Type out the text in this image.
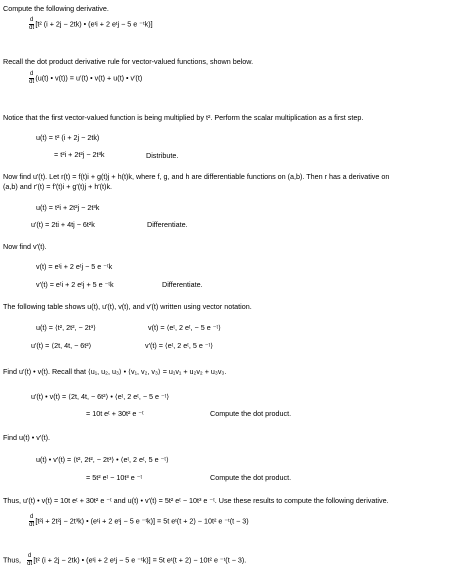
Compute the following derivative.
$\frac{d}{dt} [t^2$ (i + 2j − 2tk) • (eᵗi + 2 eᵗj − 5 e ⁻ᵗk)]
Recall the dot product derivative rule for vector-valued functions, shown below.
$\frac{d}{dt} (u(t)$ • v(t)) = u′(t) • v(t) + u(t) • v′(t)
Notice that the first vector-valued function is being multiplied by t². Perform the scalar multiplication as a first step.
u(t) = t² (i + 2j − 2tk)
= t²i + 2t²j − 2t³k	Distribute.
Now find u′(t). Let r(t) = f(t)i + g(t)j + h(t)k, where f, g, and h are differentiable functions on (a,b). Then r has a derivative on
(a,b) and r′(t) = f′(t)i + g′(t)j + h′(t)k.
u(t) = t²i + 2t²j − 2t³k
u′(t) = 2ti + 4tj − 6t²k	Differentiate.
Now find v′(t).
v(t) = eᵗi + 2 eᵗj − 5 e ⁻ᵗk
v′(t) = eᵗi + 2 eᵗj + 5 e ⁻ᵗk	Differentiate.
The following table shows u(t), u′(t), v(t), and v′(t) written using vector notation.
u(t) = ⟨t², 2t², − 2t³⟩	v(t) = ⟨eᵗ, 2 eᵗ, − 5 e ⁻ᵗ⟩
u′(t) = ⟨2t, 4t, − 6t²⟩	v′(t) = ⟨eᵗ, 2 eᵗ, 5 e ⁻ᵗ⟩
Find u′(t) • v(t). Recall that ⟨u₁, u₂, u₃⟩ • ⟨v₁, v₂, v₃⟩ = u₁v₁ + u₂v₂ + u₃v₃.
u′(t) • v(t) = ⟨2t, 4t, − 6t²⟩ • ⟨eᵗ, 2 eᵗ, − 5 e ⁻ᵗ⟩
= 10t eᵗ + 30t² e ⁻ᵗ	Compute the dot product.
Find u(t) • v′(t).
u(t) • v′(t) = ⟨t², 2t², − 2t³⟩ • ⟨eᵗ, 2 eᵗ, 5 e ⁻ᵗ⟩
= 5t² eᵗ − 10t³ e ⁻ᵗ	Compute the dot product.
Thus, u′(t) • v(t) = 10t eᵗ + 30t² e ⁻ᵗ and u(t) • v′(t) = 5t² eᵗ − 10t³ e ⁻ᵗ. Use these results to compute the following derivative.
$\frac{d}{dt} [t^2i + 2t^2j - 2t^3k)$ • (eᵗi + 2 eᵗj − 5 e ⁻ᵗk)] = 5t eᵗ(t + 2) − 10t² e ⁻ᵗ(t − 3)
Thus, $\frac{d}{dt} [t^2$ (i + 2j − 2tk) • (eᵗi + 2 eᵗj − 5 e ⁻ᵗk)] = 5t eᵗ(t + 2) − 10t² e ⁻ᵗ(t − 3).
